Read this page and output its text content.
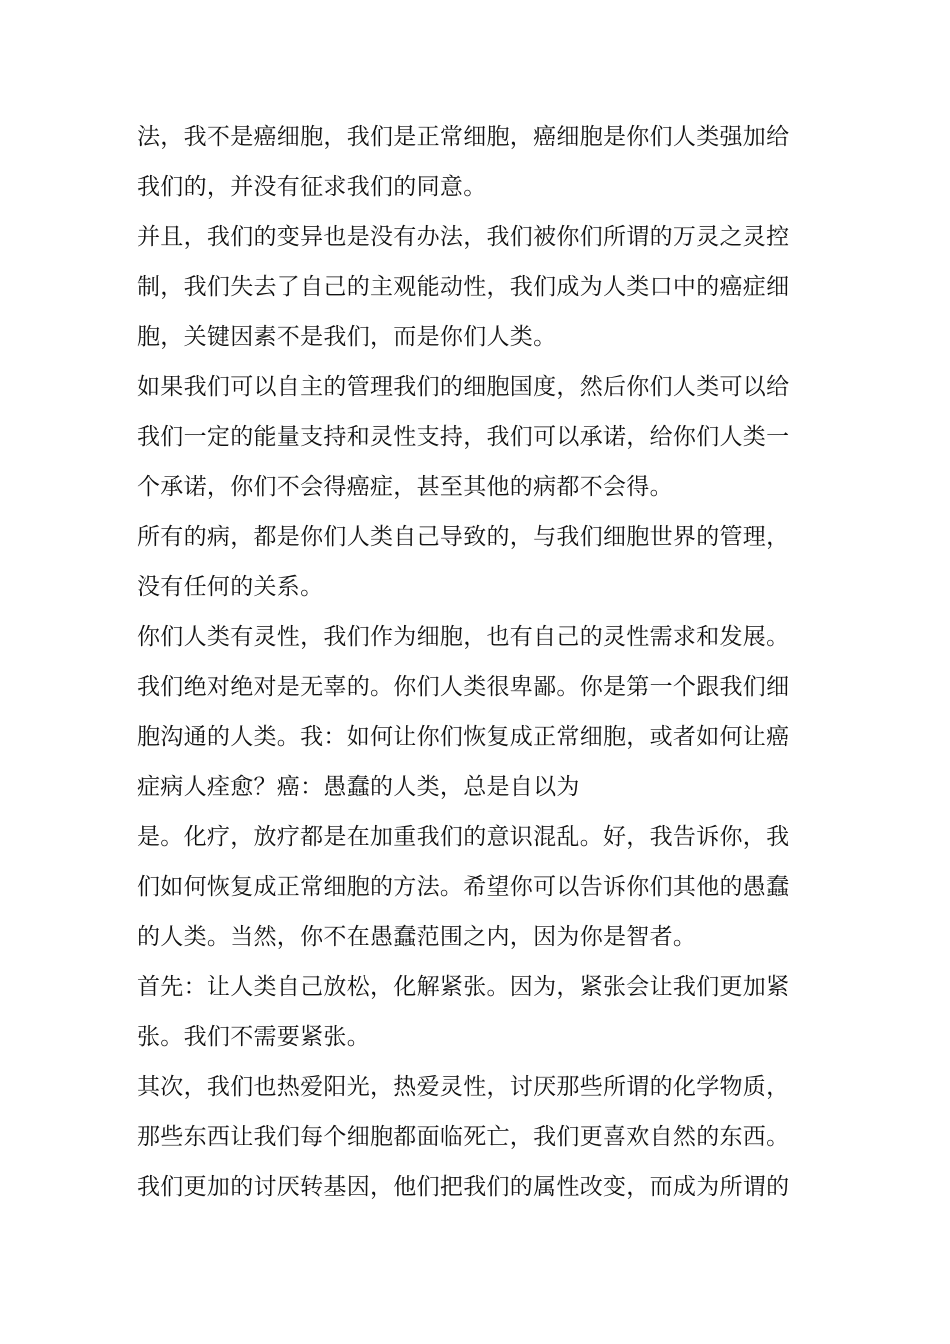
法，我不是癌细胞，我们是正常细胞，癌细胞是你们人类强加给
我们的，并没有征求我们的同意。
并且，我们的变异也是没有办法，我们被你们所谓的万灵之灵控
制，我们失去了自己的主观能动性，我们成为人类口中的癌症细
胞，关键因素不是我们，而是你们人类。
如果我们可以自主的管理我们的细胞国度，然后你们人类可以给
我们一定的能量支持和灵性支持，我们可以承诺，给你们人类一
个承诺，你们不会得癌症，甚至其他的病都不会得。
所有的病，都是你们人类自己导致的，与我们细胞世界的管理，
没有任何的关系。
你们人类有灵性，我们作为细胞，也有自己的灵性需求和发展。
我们绝对绝对是无辜的。你们人类很卑鄙。你是第一个跟我们细
胞沟通的人类。我：如何让你们恢复成正常细胞，或者如何让癌
症病人痊愈？癌：愚蠢的人类，总是自以为
是。化疗，放疗都是在加重我们的意识混乱。好，我告诉你，我
们如何恢复成正常细胞的方法。希望你可以告诉你们其他的愚蠢
的人类。当然，你不在愚蠢范围之内，因为你是智者。
首先：让人类自己放松，化解紧张。因为，紧张会让我们更加紧
张。我们不需要紧张。
其次，我们也热爱阳光，热爱灵性，讨厌那些所谓的化学物质，
那些东西让我们每个细胞都面临死亡，我们更喜欢自然的东西。
我们更加的讨厌转基因，他们把我们的属性改变，而成为所谓的
